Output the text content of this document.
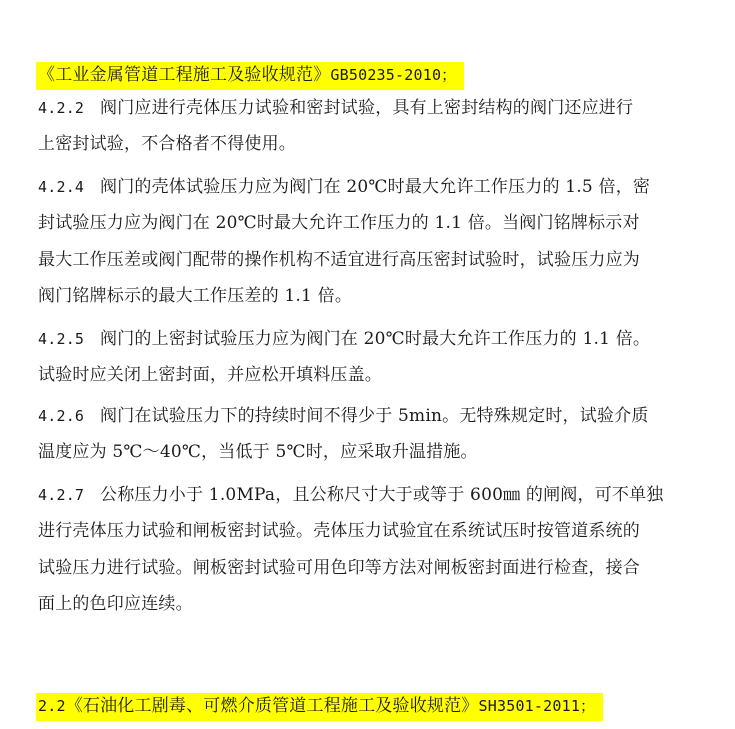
《工业金属管道工程施工及验收规范》GB50235-2010；
4.2.2 阀门应进行壳体压力试验和密封试验，具有上密封结构的阀门还应进行
上密封试验，不合格者不得使用。
4.2.4 阀门的壳体试验压力应为阀门在 20℃时最大允许工作压力的 1.5 倍，密
封试验压力应为阀门在 20℃时最大允许工作压力的 1.1 倍。当阀门铭牌标示对
最大工作压差或阀门配带的操作机构不适宜进行高压密封试验时，试验压力应为
阀门铭牌标示的最大工作压差的 1.1 倍。
4.2.5 阀门的上密封试验压力应为阀门在 20℃时最大允许工作压力的 1.1 倍。
试验时应关闭上密封面，并应松开填料压盖。
4.2.6 阀门在试验压力下的持续时间不得少于 5min。无特殊规定时，试验介质
温度应为 5℃～40℃，当低于 5℃时，应采取升温措施。
4.2.7 公称压力小于 1.0MPa，且公称尺寸大于或等于 600㎜ 的闸阀，可不单独
进行壳体压力试验和闸板密封试验。壳体压力试验宜在系统试压时按管道系统的
试验压力进行试验。闸板密封试验可用色印等方法对闸板密封面进行检查，接合
面上的色印应连续。
2.2《石油化工剧毒、可燃介质管道工程施工及验收规范》SH3501-2011；
